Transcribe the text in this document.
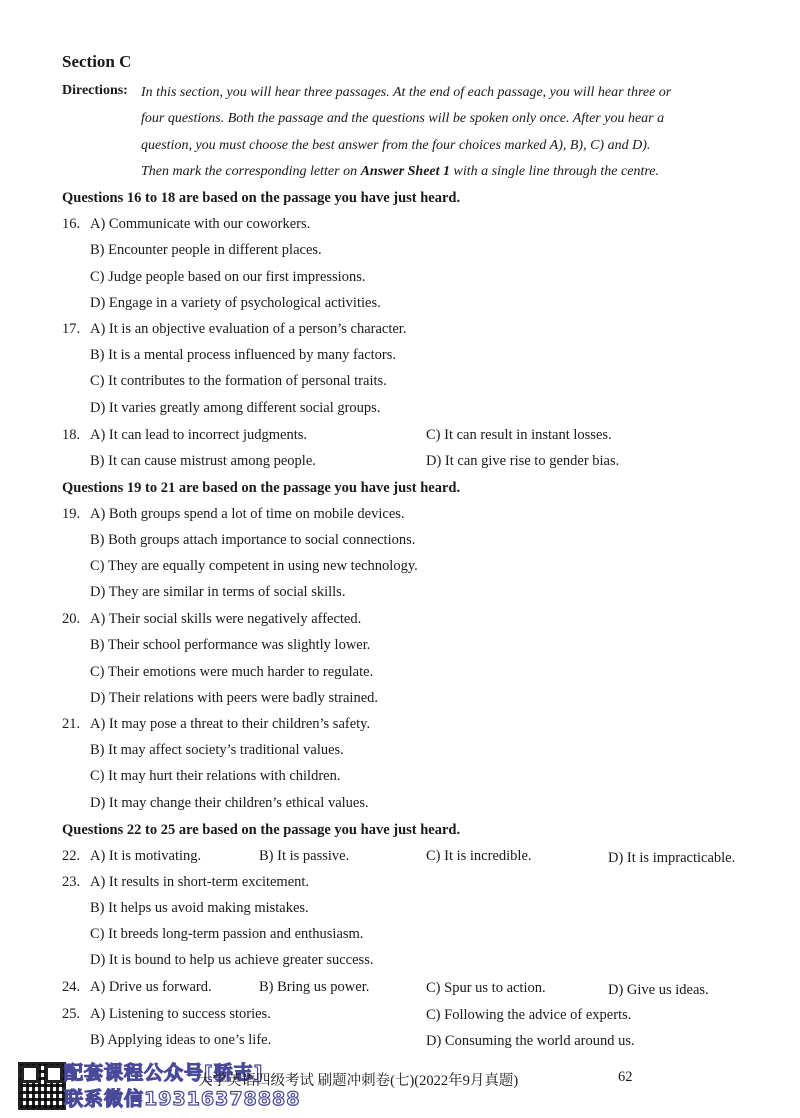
Section C
Directions: In this section, you will hear three passages. At the end of each passage, you will hear three or
four questions. Both the passage and the questions will be spoken only once. After you hear a
question, you must choose the best answer from the four choices marked A), B), C) and D).
Then mark the corresponding letter on Answer Sheet 1 with a single line through the centre.
Questions 16 to 18 are based on the passage you have just heard.
16. A) Communicate with our coworkers.
B) Encounter people in different places.
C) Judge people based on our first impressions.
D) Engage in a variety of psychological activities.
17. A) It is an objective evaluation of a person’s character.
B) It is a mental process influenced by many factors.
C) It contributes to the formation of personal traits.
D) It varies greatly among different social groups.
18. A) It can lead to incorrect judgments.	C) It can result in instant losses.
B) It can cause mistrust among people.	D) It can give rise to gender bias.
Questions 19 to 21 are based on the passage you have just heard.
19. A) Both groups spend a lot of time on mobile devices.
B) Both groups attach importance to social connections.
C) They are equally competent in using new technology.
D) They are similar in terms of social skills.
20. A) Their social skills were negatively affected.
B) Their school performance was slightly lower.
C) Their emotions were much harder to regulate.
D) Their relations with peers were badly strained.
21. A) It may pose a threat to their children’s safety.
B) It may affect society’s traditional values.
C) It may hurt their relations with children.
D) It may change their children’s ethical values.
Questions 22 to 25 are based on the passage you have just heard.
22. A) It is motivating.	B) It is passive.	C) It is incredible.	D) It is impracticable.
23. A) It results in short-term excitement.
B) It helps us avoid making mistakes.
C) It breeds long-term passion and enthusiasm.
D) It is bound to help us achieve greater success.
24. A) Drive us forward.	B) Bring us power.	C) Spur us to action.	D) Give us ideas.
25. A) Listening to success stories.	C) Following the advice of experts.
B) Applying ideas to one’s life.	D) Consuming the world around us.
配套课程公众号[骄志]
联系微信19316378888
大学英语四级考试 刷题冲刺卷(七)(2022年9月真题)	62
